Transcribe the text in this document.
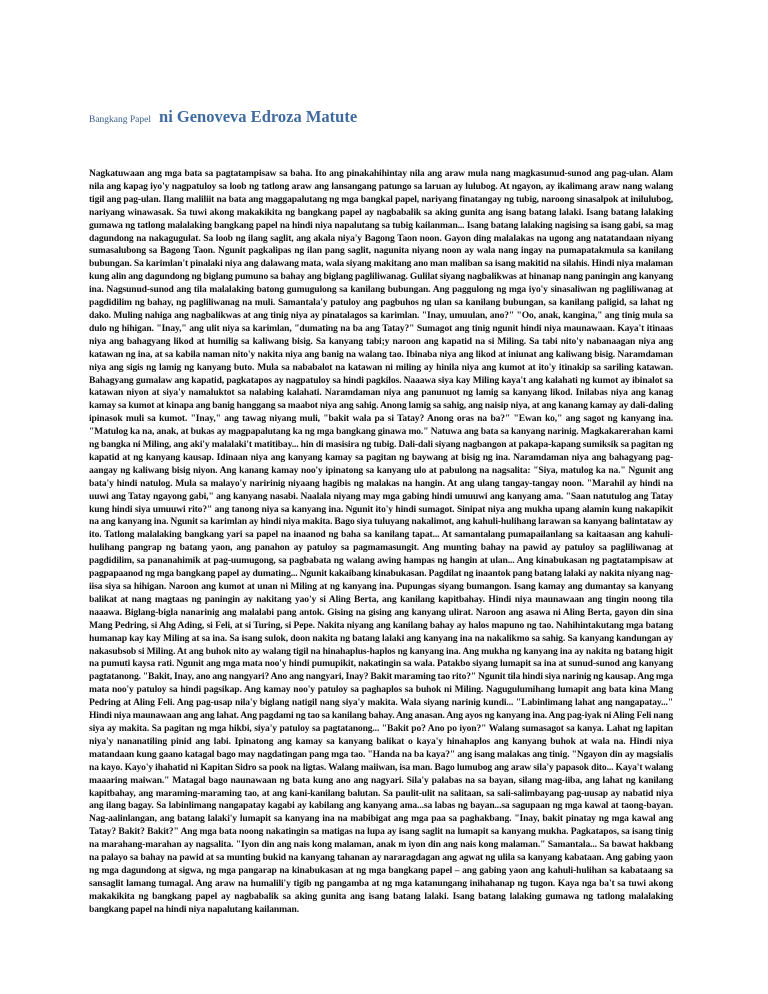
Bangkang Papel ni Genoveva Edroza Matute

Nagkatuwaan ang mga bata sa pagtatampisaw sa baha. Ito ang pinakahihintay nila ang araw mula nang magkasunud-sunod ang pag-ulan. Alam nila ang kapag iyo'y nagpatuloy sa loob ng tatlong araw ang lansangang patungo sa laruan ay lulubog. At ngayon, ay ikalimang araw nang walang tigil ang pag-ulan. Ilang maliliit na bata ang maggapalutang ng mga bangkal papel, nariyang finatangay ng tubig, naroong sinasalpok at inilulubog, nariyang winawasak. Sa tuwi akong makakikita ng bangkang papel ay nagbabalik sa aking gunita ang isang batang lalaki. Isang batang lalaking gumawa ng tatlong malalaking bangkang papel na hindi niya napalutang sa tubig kailanman... Isang batang lalaking nagising sa isang gabi, sa mag dagundong na nakagugulat. Sa loob ng ilang saglit, ang akala niya'y Bagong Taon noon. Gayon ding malalakas na ugong ang natatandaan niyang sumasalubong sa Bagong Taon. Ngunit pagkalipas ng ilan pang saglit, nagunita niyang noon ay wala nang ingay na pumapatakmula sa kanilang bubungan. Sa karimlan't pinalaki niya ang dalawang mata, wala siyang makitang ano man maliban sa isang makitid na silahis. Hindi niya malaman kung alin ang dagundong ng biglang pumuno sa bahay ang biglang pagliliwanag. Gulilat siyang nagbalikwas at hinanap nang paningin ang kanyang ina. Nagsunud-sunod ang tila malalaking batong gumugulong sa kanilang bubungan. Ang paggulong ng mga iyo'y sinasaliwan ng pagliliwanag at pagdidilim ng bahay, ng pagliliwanag na muli. Samantala'y patuloy ang pagbuhos ng ulan sa kanilang bubungan, sa kanilang paligid, sa lahat ng dako. Muling nahiga ang nagbalikwas at ang tinig niya ay pinatalagos sa karimlan. "Inay, umuulan, ano?" "Oo, anak, kanginа," ang tinig mula sa dulo ng hihigan. "Inay," ang ulit niya sa karimlan, "dumating na ba ang Tatay?" Sumagot ang tinig ngunit hindi niya maunawaan. Kaya't itinaas niya ang bahagyang likod at humilig sa kaliwang bisig. Sa kanyang tabi;y naroon ang kapatid na si Miling. Sa tabi nito'y nabanaagan niya ang katawan ng ina, at sa kabila naman nito'y nakita niya ang banig na walang tao. Ibinaba niya ang likod at iniunat ang kaliwang bisig. Naramdaman niya ang sigis ng lamig ng kanyang buto. Mula sa nababalot na katawan ni miling ay hinila niya ang kumot at ito'y itinakip sa sariling katawan. Bahagyang gumalaw ang kapatid, pagkatapos ay nagpatuloy sa hindi pagkilos. Naaawa siya kay Miling kaya't ang kalahati ng kumot ay ibinalot sa katawan niyon at siya'y namaluktot sa nalabing kalahati. Naramdaman niya ang panunuot ng lamig sa kanyang likod. Inilabas niya ang kanag kamay sa kumot at kinapa ang banig hanggang sa maabot niya ang sahig. Anong lamig sa sahig, ang naisip niya, at ang kanang kamay ay dali-daling ipinasok muli sa kumot. "Inay," ang tawag niyang muli, "bakit wala pa si Tatay? Anong oras na ba?" "Ewan ko," ang sagot ng kanyang ina. "Matulog ka na, anak, at bukas ay magpapalutang ka ng mga bangkang ginawa mo." Natuwa ang bata sa kanyang narinig. Magkakarerahan kami ng bangka ni Miling, ang aki'y malalaki't matitibay... hin di masisira ng tubig. Dali-dali siyang nagbangon at pakapa-kapang sumiksik sa pagitan ng kapatid at ng kanyang kausap. Idinaan niya ang kanyang kamay sa pagitan ng baywang at bisig ng ina. Naramdaman niya ang bahagyang pag-aangay ng kaliwang bisig niyon. Ang kanang kamay noo'y ipinatong sa kanyang ulo at pabulong na nagsalita: "Siya, matulog ka na." Ngunit ang bata'y hindi natulog. Mula sa malayo'y naririnig niyaang hagibis ng malakas na hangin. At ang ulang tangay-tangay noon. "Marahil ay hindi na uuwi ang Tatay ngayong gabi," ang kanyang nasabi. Naalala niyang may mga gabing hindi umuuwi ang kanyang ama. "Saan natutulog ang Tatay kung hindi siya umuuwi rito?" ang tanong niya sa kanyang ina. Ngunit ito'y hindi sumagot. Sinipat niya ang mukha upang alamin kung nakapikit na ang kanyang ina. Ngunit sa karimlan ay hindi niya makita. Bago siya tuluyang nakalimot, ang kahuli-hulihang larawan sa kanyang balintataw ay ito. Tatlong malalaking bangkang yari sa papel na inaanod ng baha sa kanilang tapat... At samantalang pumapailanlang sa kaitaasan ang kahuli-hulihang pangrap ng batang yaon, ang panahon ay patuloy sa pagmamasungit. Ang munting bahay na pawid ay patuloy sa pagliliwanag at pagdidilim, sa pananahimik at pag-uumugong, sa pagbabata ng walang awing hampas ng hangin at ulan... Ang kinabukasan ng pagtatampisaw at pagpapaanod ng mga bangkang papel ay dumating... Ngunit kakaibang kinabukasan. Pagdilat ng inaantok pang batang lalaki ay nakita niyang nag-iisa siya sa hihigan. Naroon ang kumot at unan ni Miling at ng kanyang ina. Pupungas siyang bumangon. Isang kamay ang dumantay sa kanyang balikat at nang magtaas ng paningin ay nakitang yao'y si Aling Berta, ang kanilang kapitbahay. Hindi niya maunawaan ang tingin noong tila naaawa. Biglang-bigla nanarinig ang malalabi pang antok. Gising na gising ang kanyang ulirat. Naroon ang asawa ni Aling Berta, gayon din sina Mang Pedring, si Ahg Ading, si Feli, at si Turing, si Pepe. Nakita niyang ang kanilang bahay ay halos mapuno ng tao. Nahihintakutang mga batang humanap kay kay Miling at sa ina. Sa isang sulok, doon nakita ng batang lalaki ang kanyang ina na nakalikmo sa sahig. Sa kanyang kandungan ay nakasubsob si Miling. At ang buhok nito ay walang tigil na hinahaplus-haplos ng kanyang ina. Ang mukha ng kanyang ina ay nakita ng batang higit na pumuti kaysa rati. Ngunit ang mga mata noo'y hindi pumupikit, nakatingin sa wala. Patakbo siyang lumapit sa ina at sunud-sunod ang kanyang pagtatanong. "Bakit, Inay, ano ang nangyari? Ano ang nangyari, Inay? Bakit maraming tao rito?" Ngunit tila hindi siya narinig ng kausap. Ang mga mata noo'y patuloy sa hindi pagsikap. Ang kamay noo'y patuloy sa paghaplos sa buhok ni Miling. Nagugulumihang lumapit ang bata kina Mang Pedring at Aling Feli. Ang pag-usap nila'y biglang natigil nang siya'y makita. Wala siyang narinig kundi... "Labinlimang lahat ang nangapatay..." Hindi niya maunawaan ang ang lahat. Ang pagdami ng tao sa kanilang bahay. Ang anasan. Ang ayos ng kanyang ina. Ang pag-iyak ni Aling Feli nang siya ay makita. Sa pagitan ng mga hikbi, siya'y patuloy sa pagtatanong... "Bakit po? Ano po iyon?" Walang sumasagot sa kanya. Lahat ng lapitan niya'y nananatiling pinid ang labi. Ipinatong ang kamay sa kanyang balikat o kaya'y hinahaplos ang kanyang buhok at wala na. Hindi niya matandaan kung gaano katagal bago may nagdatingan pang mga tao. "Handa na ba kaya?" ang isang malakas ang tinig. "Ngayon din ay magsialis na kayo. Kayo'y ihahatid ni Kapitan Sidro sa pook na ligtas. Walang maiiwan, isa man. Bago lumubog ang araw sila'y papasok dito... Kaya't walang maaaring maiwan." Matagal bago naunawaan ng bata kung ano ang nagyari. Sila'y palabas na sa bayan, silang mag-iiba, ang lahat ng kanilang kapitbahay, ang maraming-maraming tao, at ang kani-kanilang balutan. Sa paulit-ulit na salitaan, sa sali-salimbayang pag-uusap ay nabatid niya ang ilang bagay. Sa labinlimang nangapatay kagabi ay kabilang ang kanyang ama...sa labas ng bayan...sa sagupaan ng mga kawal at taong-bayan. Nag-aalinlangan, ang batang lalaki'y lumapit sa kanyang ina na mabibigat ang mga paa sa paghakbang. "Inay, bakit pinatay ng mga kawal ang Tatay? Bakit? Bakit?" Ang mga bata noong nakatingin sa matigas na lupa ay isang saglit na lumapit sa kanyang mukha. Pagkatapos, sa isang tinig na marahang-marahan ay nagsalita. "Iyon din ang nais kong malaman, anak m iyon din ang nais kong malaman." Samantala... Sa bawat hakbang na palayo sa bahay na pawid at sa munting bukid na kanyang tahanan ay nararagdagan ang agwat ng ulila sa kanyang kabataan. Ang gabing yaon ng mga dagundong at sigwa, ng mga pangarap na kinabukasan at ng mga bangkang papel – ang gabing yaon ang kahuli-hulihan sa kabataang sa sansaglit lamang tumagal. Ang araw na humalili'y tigib ng pangamba at ng mga katanungang inihahanap ng tugon. Kaya nga ba't sa tuwi akong makakikita ng bangkang papel ay nagbabalik sa aking gunita ang isang batang lalaki. Isang batang lalaking gumawa ng tatlong malalaking bangkang papel na hindi niya napalutang kailanman.
